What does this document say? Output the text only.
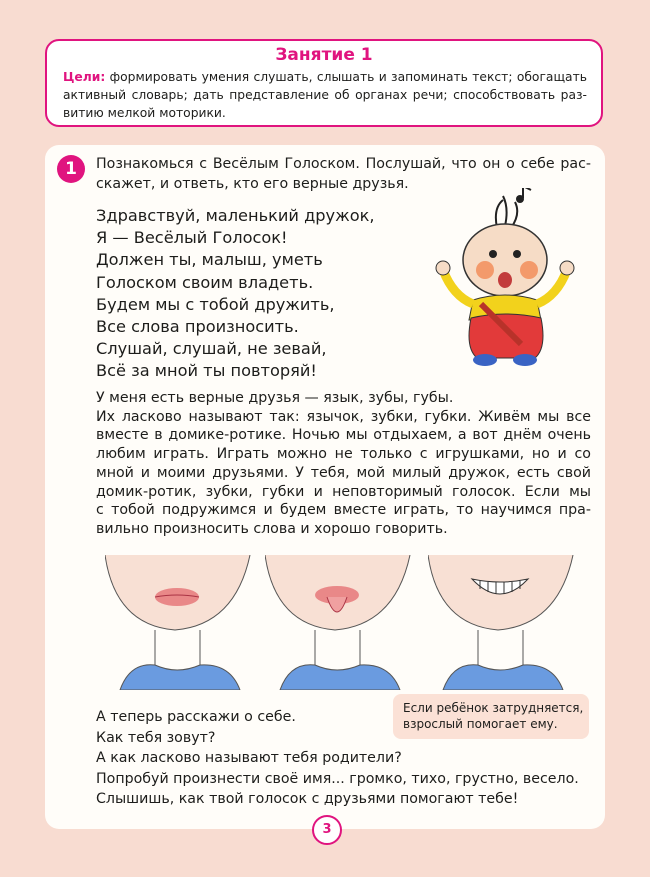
Занятие 1
Цели: формировать умения слушать, слышать и запоминать текст; обогащать
активный словарь; дать представление об органах речи; способствовать раз-
витию мелкой моторики.
1	Познакомься с Весёлым Голоском. Послушай, что он о себе рас-
скажет, и ответь, кто его верные друзья.
Здравствуй, маленький дружок,
Я — Весёлый Голосок!
Должен ты, малыш, уметь
Голоском своим владеть.
Будем мы с тобой дружить,
Все слова произносить.
Слушай, слушай, не зевай,
Всё за мной ты повторяй!
У меня есть верные друзья — язык, зубы, губы.
Их ласково называют так: язычок, зубки, губки. Живём мы все
вместе в домике-ротике. Ночью мы отдыхаем, а вот днём очень
любим играть. Играть можно не только с игрушками, но и со
мной и моими друзьями. У тебя, мой милый дружок, есть свой
домик-ротик, зубки, губки и неповторимый голосок. Если мы
с тобой подружимся и будем вместе играть, то научимся пра-
вильно произносить слова и хорошо говорить.
Если ребёнок затрудняется,
взрослый помогает ему.
А теперь расскажи о себе.
Как тебя зовут?
А как ласково называют тебя родители?
Попробуй произнести своё имя... громко, тихо, грустно, весело.
Слышишь, как твой голосок с друзьями помогают тебе!
3
